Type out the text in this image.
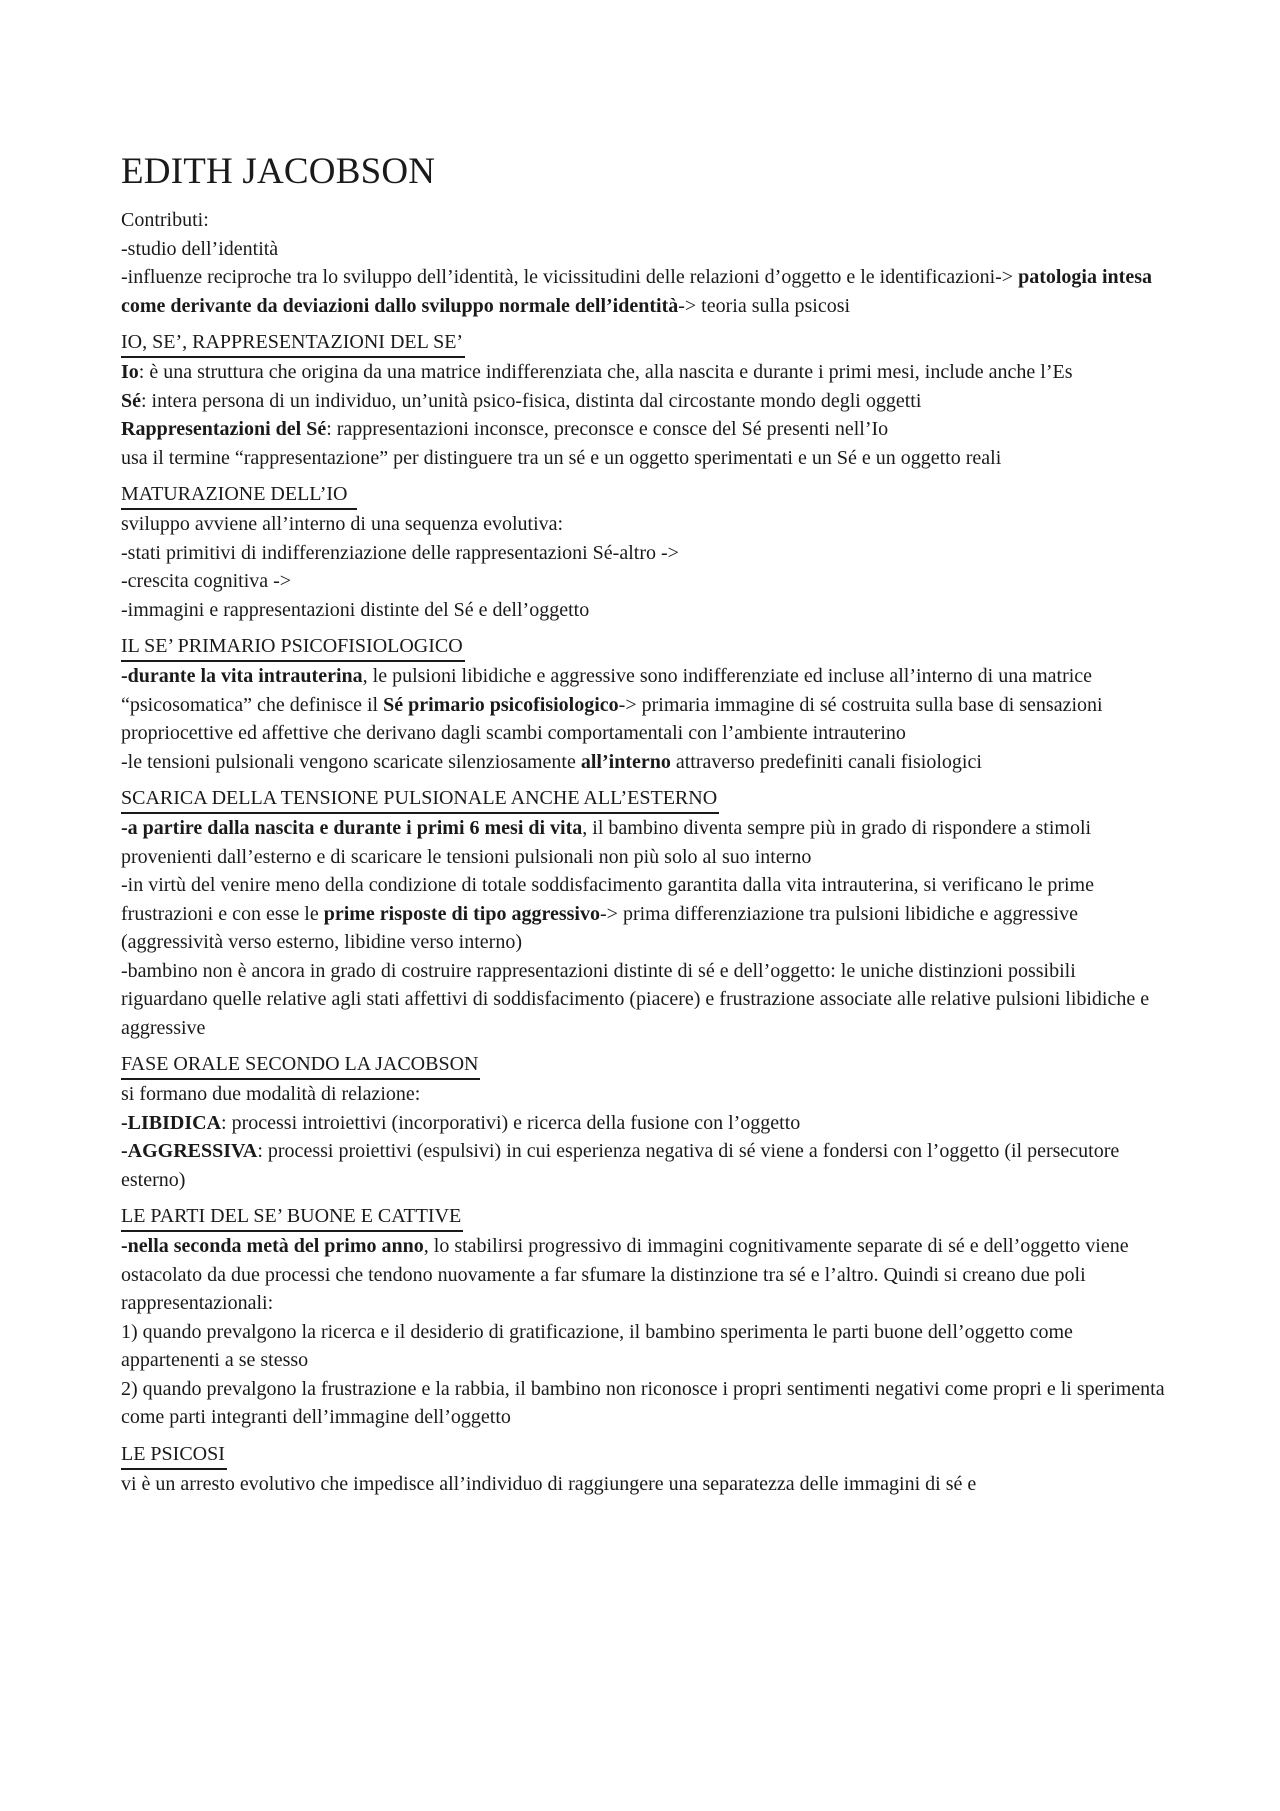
EDITH JACOBSON

Contributi:

-studio dell’identità

-influenze reciproche tra lo sviluppo dell’identità, le vicissitudini delle relazioni d’oggetto e le identificazioni-> patologia intesa come derivante da deviazioni dallo sviluppo normale dell’identità-> teoria sulla psicosi

IO, SE’, RAPPRESENTAZIONI DEL SE’

Io: è una struttura che origina da una matrice indifferenziata che, alla nascita e durante i primi mesi, include anche l’Es

Sé: intera persona di un individuo, un’unità psico-fisica, distinta dal circostante mondo degli oggetti

Rappresentazioni del Sé: rappresentazioni inconsce, preconsce e consce del Sé presenti nell’Io

usa il termine “rappresentazione” per distinguere tra un sé e un oggetto sperimentati e un Sé e un oggetto reali

MATURAZIONE DELL’IO

sviluppo avviene all’interno di una sequenza evolutiva:

-stati primitivi di indifferenziazione delle rappresentazioni Sé-altro ->

-crescita cognitiva ->

-immagini e rappresentazioni distinte del Sé e dell’oggetto

IL SE’ PRIMARIO PSICOFISIOLOGICO

-durante la vita intrauterina, le pulsioni libidiche e aggressive sono indifferenziate ed incluse all’interno di una matrice “psicosomatica” che definisce il Sé primario psicofisiologico-> primaria immagine di sé costruita sulla base di sensazioni propriocettive ed affettive che derivano dagli scambi comportamentali con l’ambiente intrauterino

-le tensioni pulsionali vengono scaricate silenziosamente all’interno attraverso predefiniti canali fisiologici

SCARICA DELLA TENSIONE PULSIONALE ANCHE ALL’ESTERNO

-a partire dalla nascita e durante i primi 6 mesi di vita, il bambino diventa sempre più in grado di rispondere a stimoli provenienti dall’esterno e di scaricare le tensioni pulsionali non più solo al suo interno

-in virtù del venire meno della condizione di totale soddisfacimento garantita dalla vita intrauterina, si verificano le prime frustrazioni e con esse le prime risposte di tipo aggressivo-> prima differenziazione tra pulsioni libidiche e aggressive (aggressività verso esterno, libidine verso interno)

-bambino non è ancora in grado di costruire rappresentazioni distinte di sé e dell’oggetto: le uniche distinzioni possibili riguardano quelle relative agli stati affettivi di soddisfacimento (piacere) e frustrazione associate alle relative pulsioni libidiche e aggressive

FASE ORALE SECONDO LA JACOBSON

si formano due modalità di relazione:

-LIBIDICA: processi introiettivi (incorporativi) e ricerca della fusione con l’oggetto

-AGGRESSIVA: processi proiettivi (espulsivi) in cui esperienza negativa di sé viene a fondersi con l’oggetto (il persecutore esterno)

LE PARTI DEL SE’ BUONE E CATTIVE

-nella seconda metà del primo anno, lo stabilirsi progressivo di immagini cognitivamente separate di sé e dell’oggetto viene ostacolato da due processi che tendono nuovamente a far sfumare la distinzione tra sé e l’altro. Quindi si creano due poli rappresentazionali:

1) quando prevalgono la ricerca e il desiderio di gratificazione, il bambino sperimenta le parti buone dell’oggetto come appartenenti a se stesso

2) quando prevalgono la frustrazione e la rabbia, il bambino non riconosce i propri sentimenti negativi come propri e li sperimenta come parti integranti dell’immagine dell’oggetto

LE PSICOSI

vi è un arresto evolutivo che impedisce all’individuo di raggiungere una separatezza delle immagini di sé e
